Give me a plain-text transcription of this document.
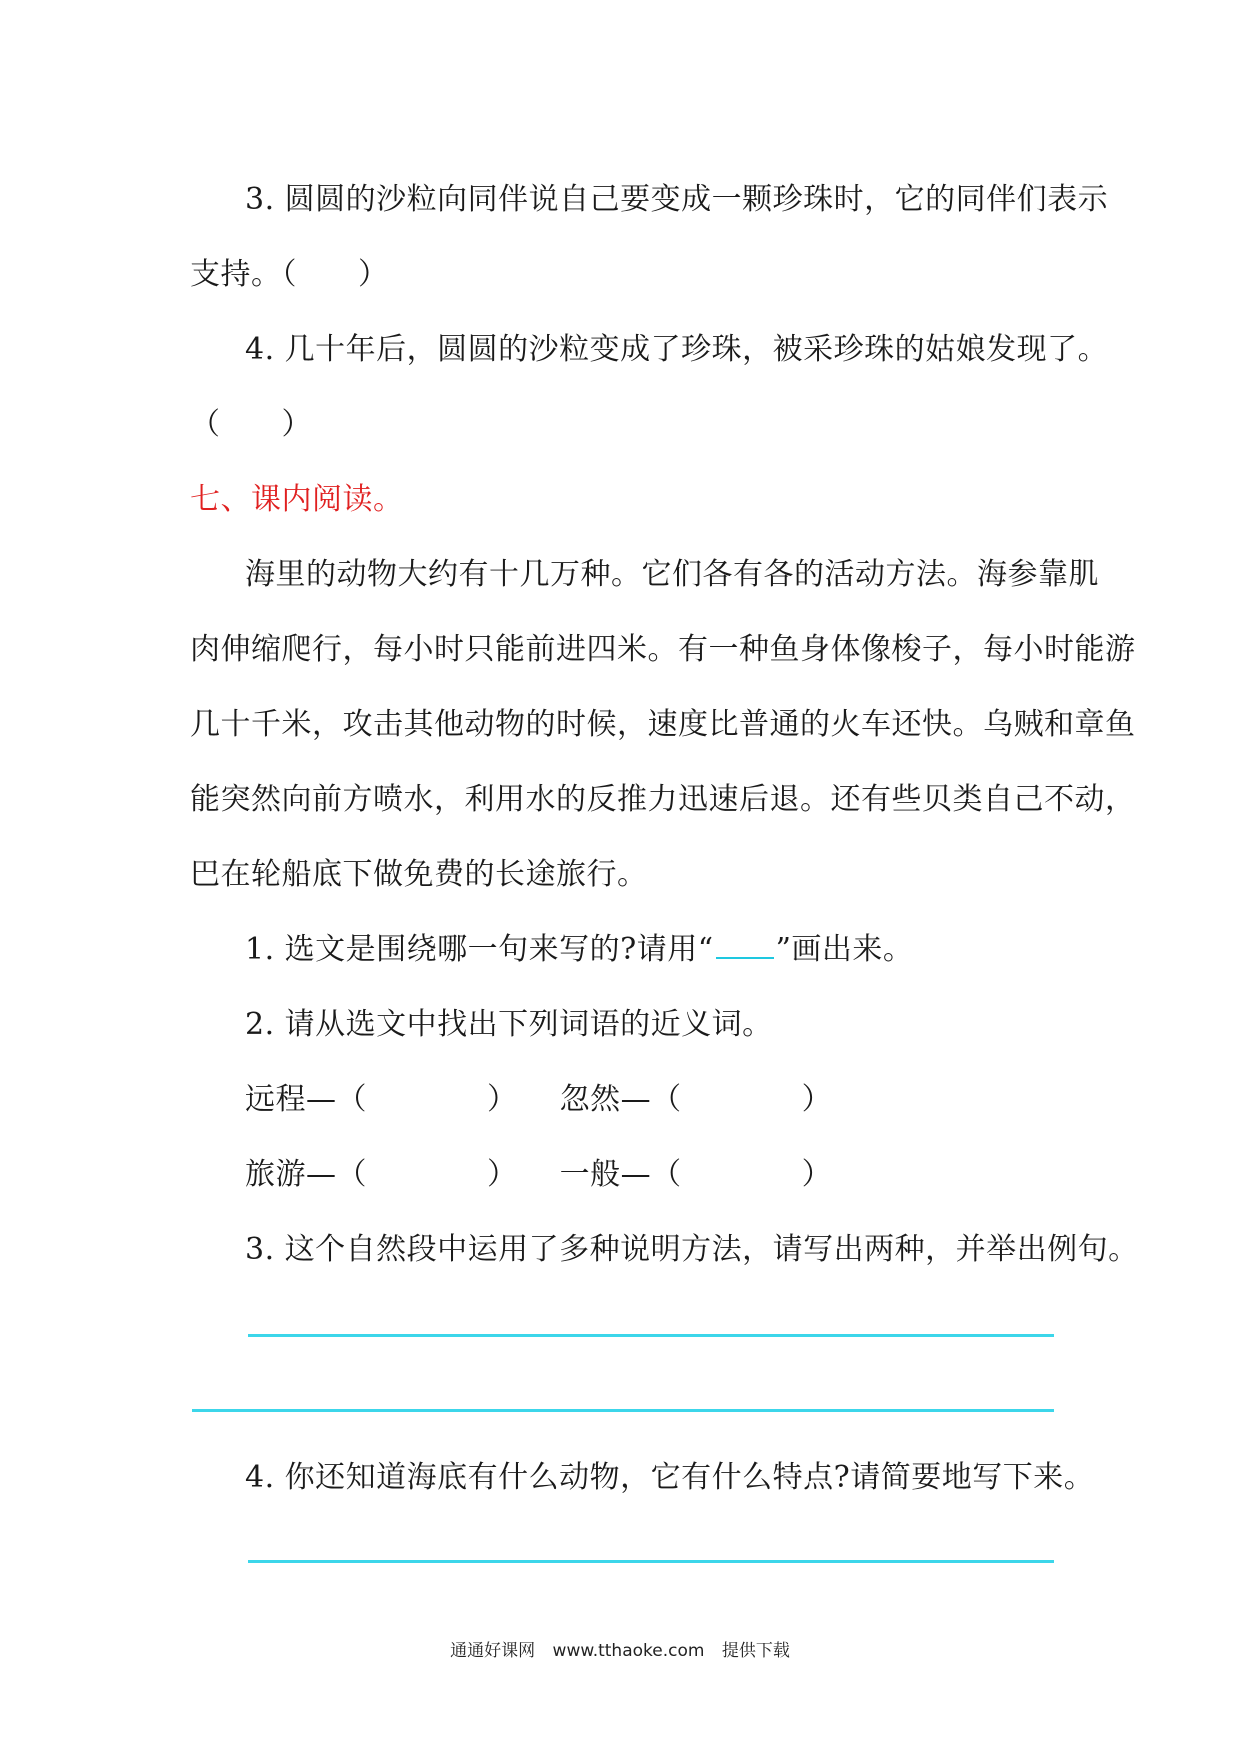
3. 圆圆的沙粒向同伴说自己要变成一颗珍珠时，它的同伴们表示
支持。（　　）
4. 几十年后，圆圆的沙粒变成了珍珠，被采珍珠的姑娘发现了。
（　　）
七、课内阅读。
海里的动物大约有十几万种。它们各有各的活动方法。海参靠肌
肉伸缩爬行，每小时只能前进四米。有一种鱼身体像梭子，每小时能游
几十千米，攻击其他动物的时候，速度比普通的火车还快。乌贼和章鱼
能突然向前方喷水，利用水的反推力迅速后退。还有些贝类自己不动，
巴在轮船底下做免费的长途旅行。
1. 选文是围绕哪一句来写的?请用“ ”画出来。
2. 请从选文中找出下列词语的近义词。
远程—（	） 忽然—（	）
旅游—（	） 一般—（	）
3. 这个自然段中运用了多种说明方法，请写出两种，并举出例句。
4. 你还知道海底有什么动物，它有什么特点?请简要地写下来。
通通好课网 www.tthaoke.com 提供下载
